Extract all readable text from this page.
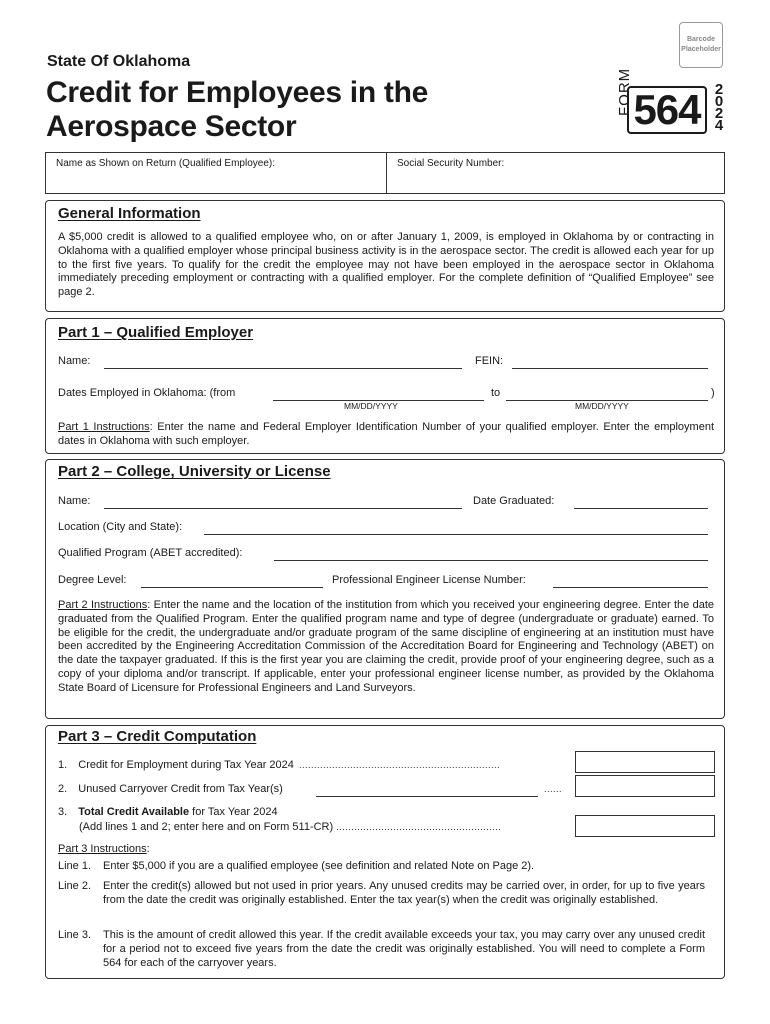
Barcode Placeholder
State Of Oklahoma
Credit for Employees in the
Aerospace Sector
FORM 564 2
0
2
4
Name as Shown on Return (Qualified Employee):	Social Security Number:
General Information
A $5,000 credit is allowed to a qualified employee who, on or after January 1, 2009, is employed in Oklahoma by or contracting in Oklahoma with a qualified employer whose principal business activity is in the aerospace sector. The credit is allowed each year for up to the first five years. To qualify for the credit the employee may not have been employed in the aerospace sector in Oklahoma immediately preceding employment or contracting with a qualified employer. For the complete definition of “Qualified Employee” see page 2.
Part 1 – Qualified Employer
Name:	FEIN:
Dates Employed in Oklahoma: (from	to	)
MM/DD/YYYY	MM/DD/YYYY
Part 1 Instructions: Enter the name and Federal Employer Identification Number of your qualified employer. Enter the employment dates in Oklahoma with such employer.
Part 2 – College, University or License
Name:	Date Graduated:
Location (City and State):
Qualified Program (ABET accredited):
Degree Level:	Professional Engineer License Number:
Part 2 Instructions: Enter the name and the location of the institution from which you received your engineering degree. Enter the date graduated from the Qualified Program. Enter the qualified program name and type of degree (undergraduate or graduate) earned. To be eligible for the credit, the undergraduate and/or graduate program of the same discipline of engineering at an institution must have been accredited by the Engineering Accreditation Commission of the Accreditation Board for Engineering and Technology (ABET) on the date the taxpayer graduated. If this is the first year you are claiming the credit, provide proof of your engineering degree, such as a copy of your diploma and/or transcript. If applicable, enter your professional engineer license number, as provided by the Oklahoma State Board of Licensure for Professional Engineers and Land Surveyors.
Part 3 – Credit Computation
1. Credit for Employment during Tax Year 2024 ...................................................................
2. Unused Carryover Credit from Tax Year(s)	......
3. Total Credit Available for Tax Year 2024
(Add lines 1 and 2; enter here and on Form 511-CR) .......................................................
Part 3 Instructions:
Line 1. Enter $5,000 if you are a qualified employee (see definition and related Note on Page 2).
Line 2. Enter the credit(s) allowed but not used in prior years. Any unused credits may be carried over, in order, for up to five years from the date the credit was originally established. Enter the tax year(s) when the credit was originally established.
Line 3. This is the amount of credit allowed this year. If the credit available exceeds your tax, you may carry over any unused credit for a period not to exceed five years from the date the credit was originally established. You will need to complete a Form 564 for each of the carryover years.
